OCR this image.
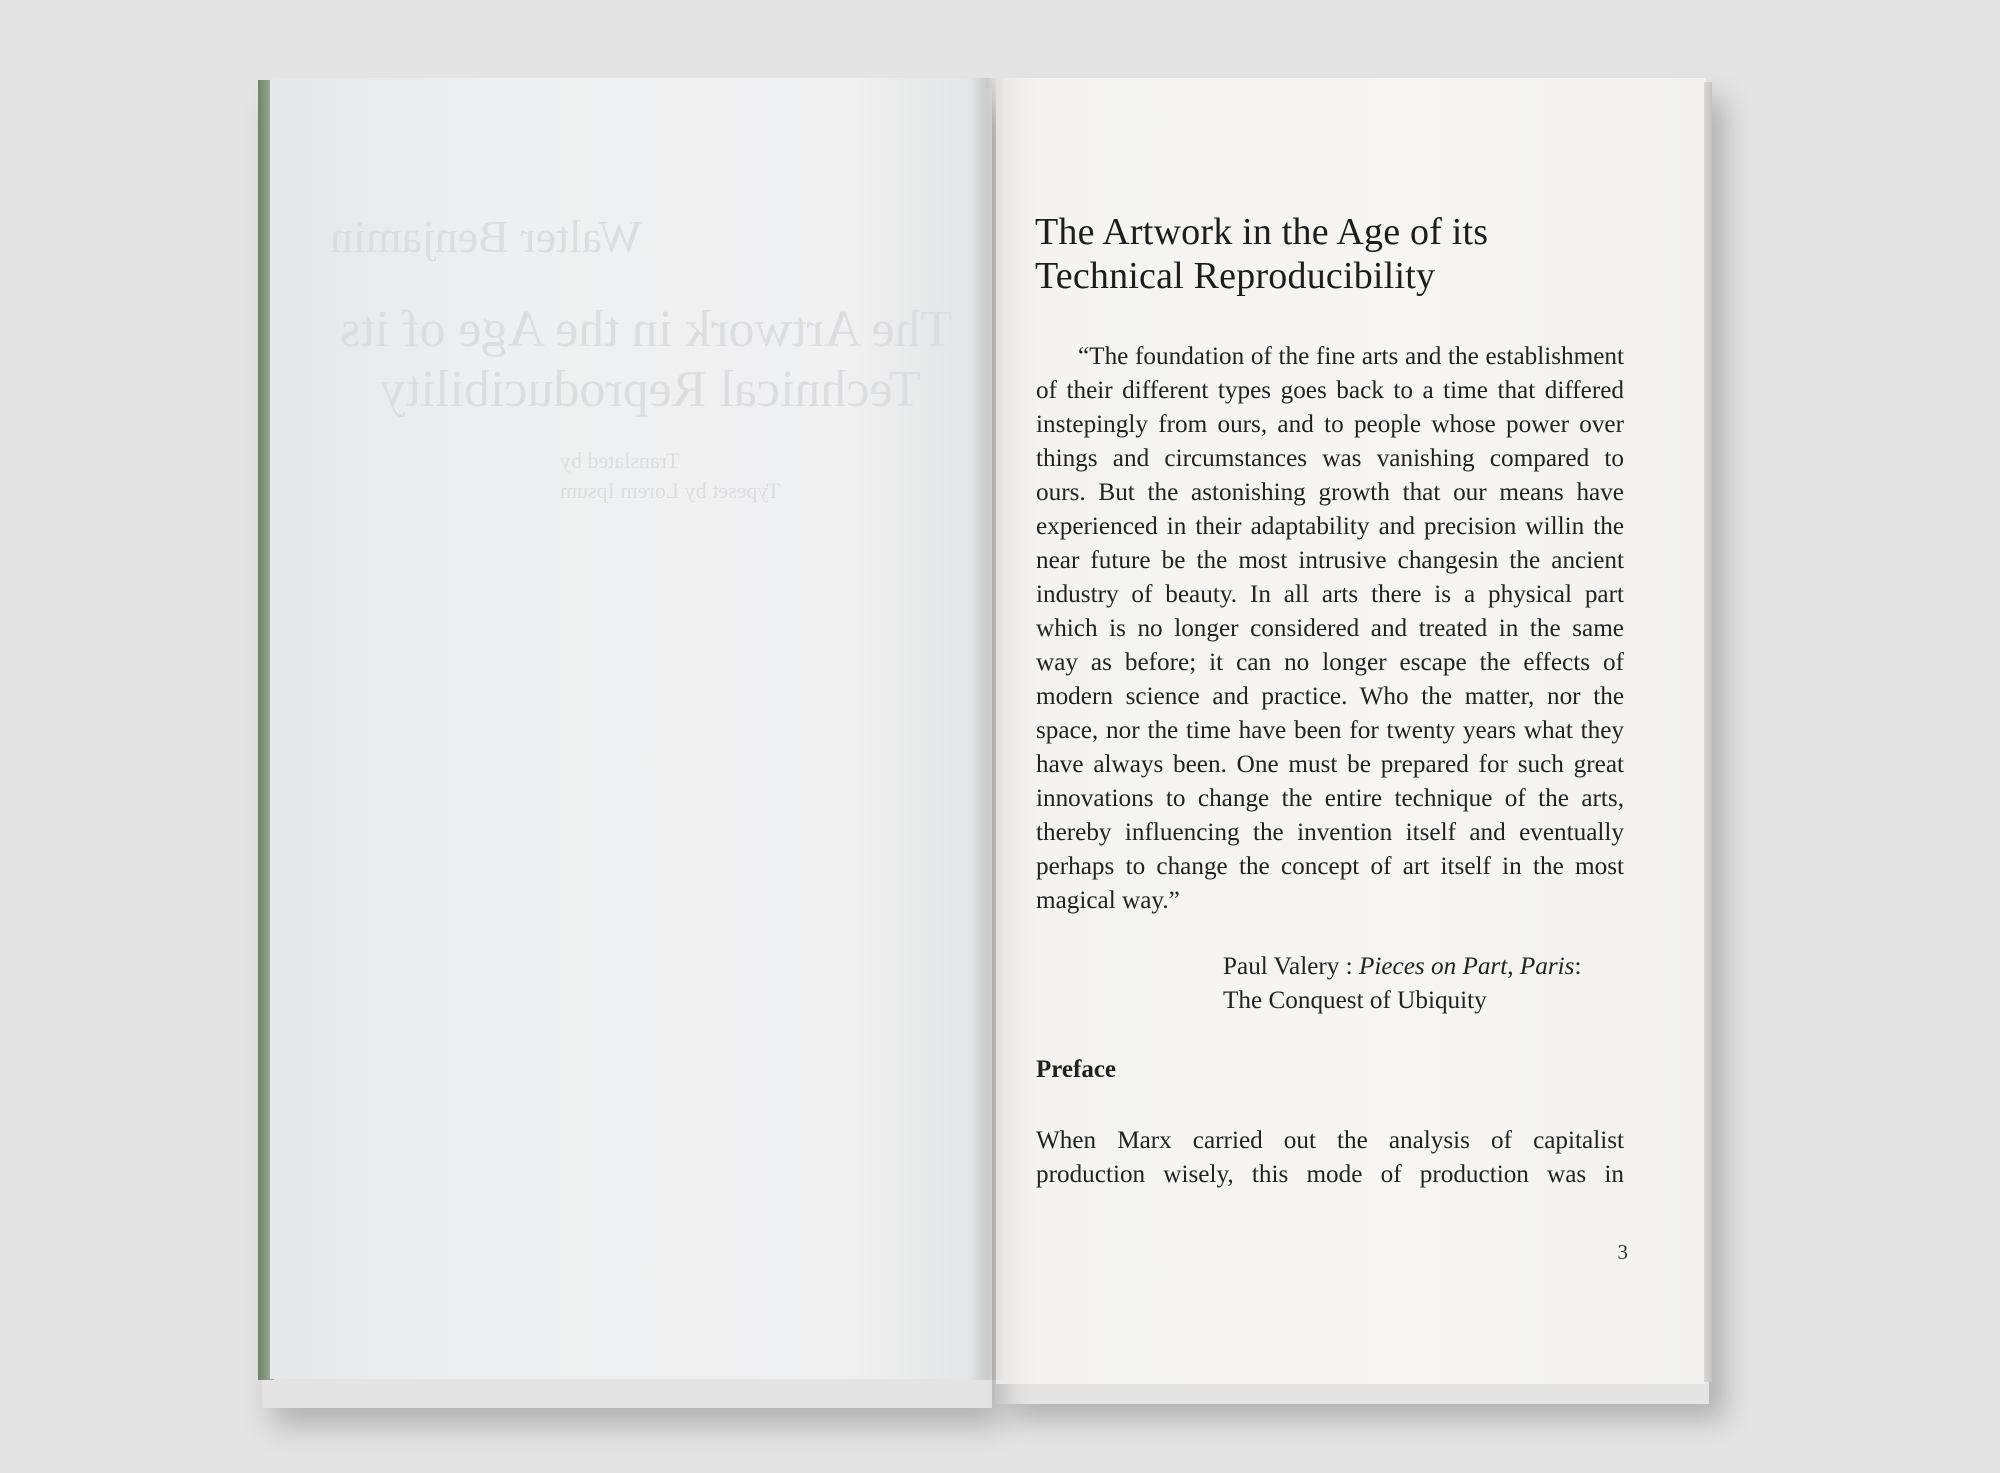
Walter Benjamin
The Artwork in the Age of its
Technical Reproducibility
Translated by
Typeset by Lorem Ipsum
The Artwork in the Age of its
Technical Reproducibility
“The foundation of the fine arts and the establishment of their different types goes back to a time that differed instepingly from ours, and to people whose power over things and circumstances was vanishing compared to ours. But the astonishing growth that our means have experienced in their adaptability and precision willin the near future be the most intrusive changesin the ancient industry of beauty. In all arts there is a physical part which is no longer considered and treated in the same way as before; it can no longer escape the effects of modern science and practice. Who the matter, nor the space, nor the time have been for twenty years what they have always been. One must be prepared for such great innovations to change the entire technique of the arts, thereby influencing the invention itself and eventually perhaps to change the concept of art itself in the most magical way.”
Paul Valery : Pieces on Part, Paris:
The Conquest of Ubiquity
Preface
When Marx carried out the analysis of capitalist production wisely, this mode of production was in
3
